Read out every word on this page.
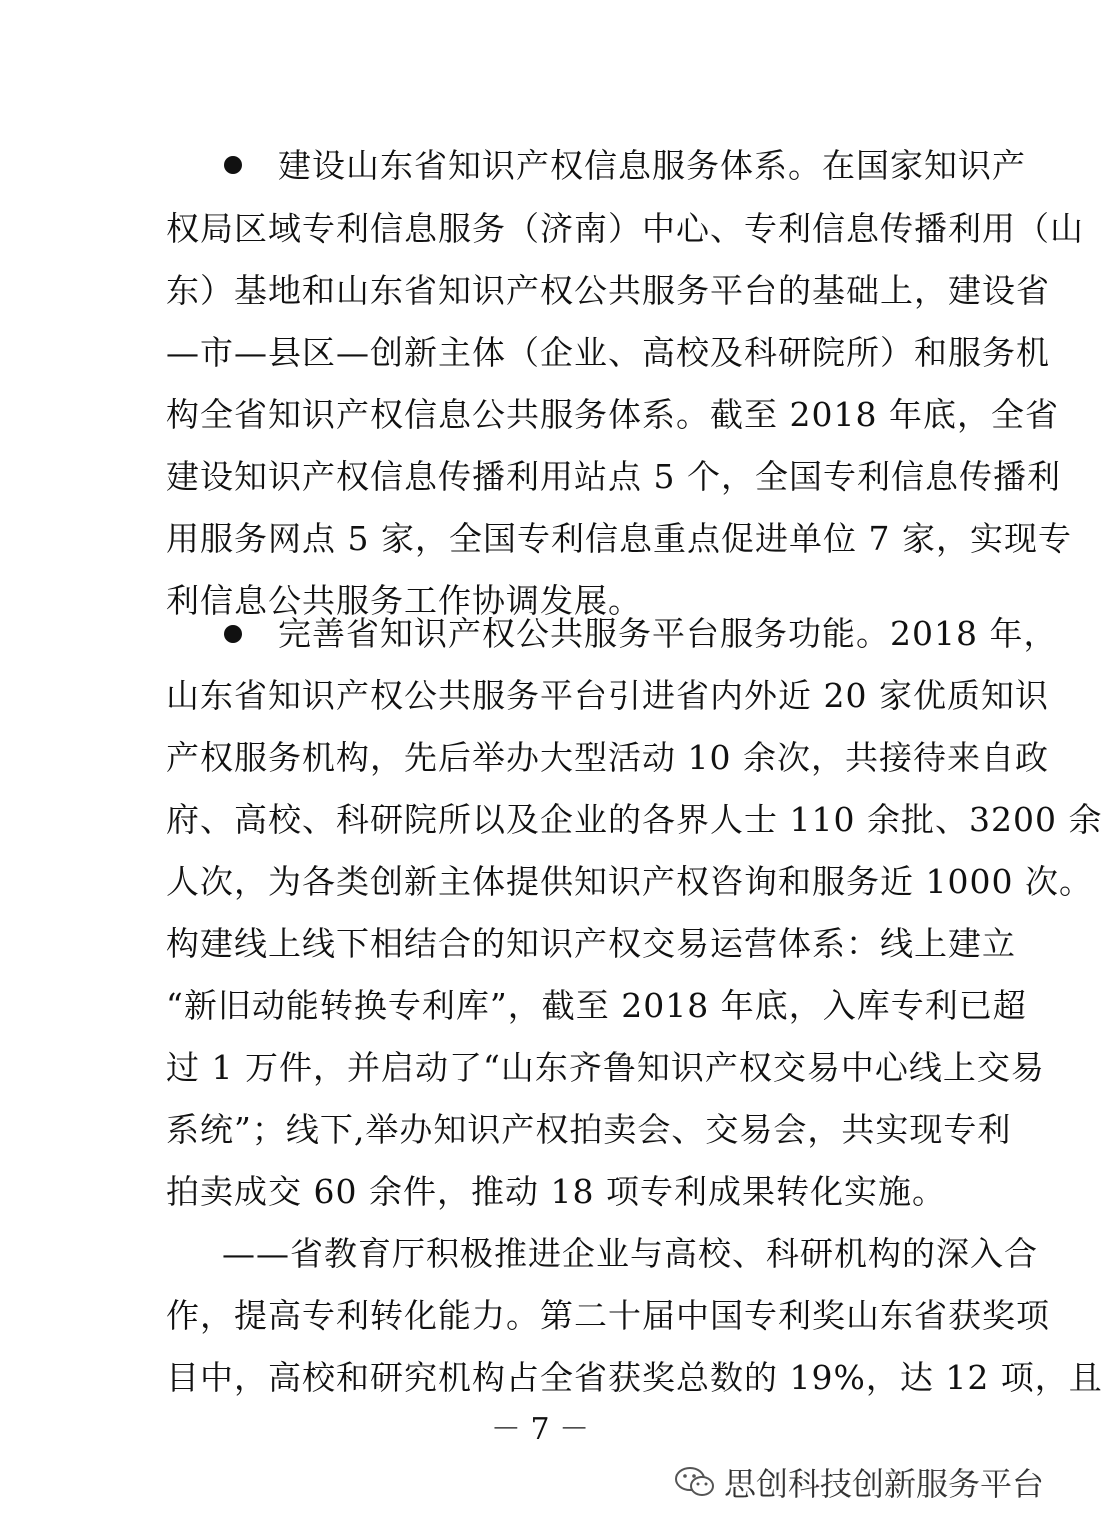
建设山东省知识产权信息服务体系。在国家知识产
权局区域专利信息服务（济南）中心、专利信息传播利用（山
东）基地和山东省知识产权公共服务平台的基础上，建设省
—市—县区—创新主体（企业、高校及科研院所）和服务机
构全省知识产权信息公共服务体系。截至 2018 年底，全省
建设知识产权信息传播利用站点 5 个，全国专利信息传播利
用服务网点 5 家，全国专利信息重点促进单位 7 家，实现专
利信息公共服务工作协调发展。
完善省知识产权公共服务平台服务功能。2018 年，
山东省知识产权公共服务平台引进省内外近 20 家优质知识
产权服务机构，先后举办大型活动 10 余次，共接待来自政
府、高校、科研院所以及企业的各界人士 110 余批、3200 余
人次，为各类创新主体提供知识产权咨询和服务近 1000 次。
构建线上线下相结合的知识产权交易运营体系：线上建立
“新旧动能转换专利库”，截至 2018 年底，入库专利已超
过 1 万件，并启动了“山东齐鲁知识产权交易中心线上交易
系统”；线下,举办知识产权拍卖会、交易会，共实现专利
拍卖成交 60 余件，推动 18 项专利成果转化实施。
——省教育厅积极推进企业与高校、科研机构的深入合
作，提高专利转化能力。第二十届中国专利奖山东省获奖项
目中，高校和研究机构占全省获奖总数的 19%，达 12 项，且
－ 7 －
思创科技创新服务平台
